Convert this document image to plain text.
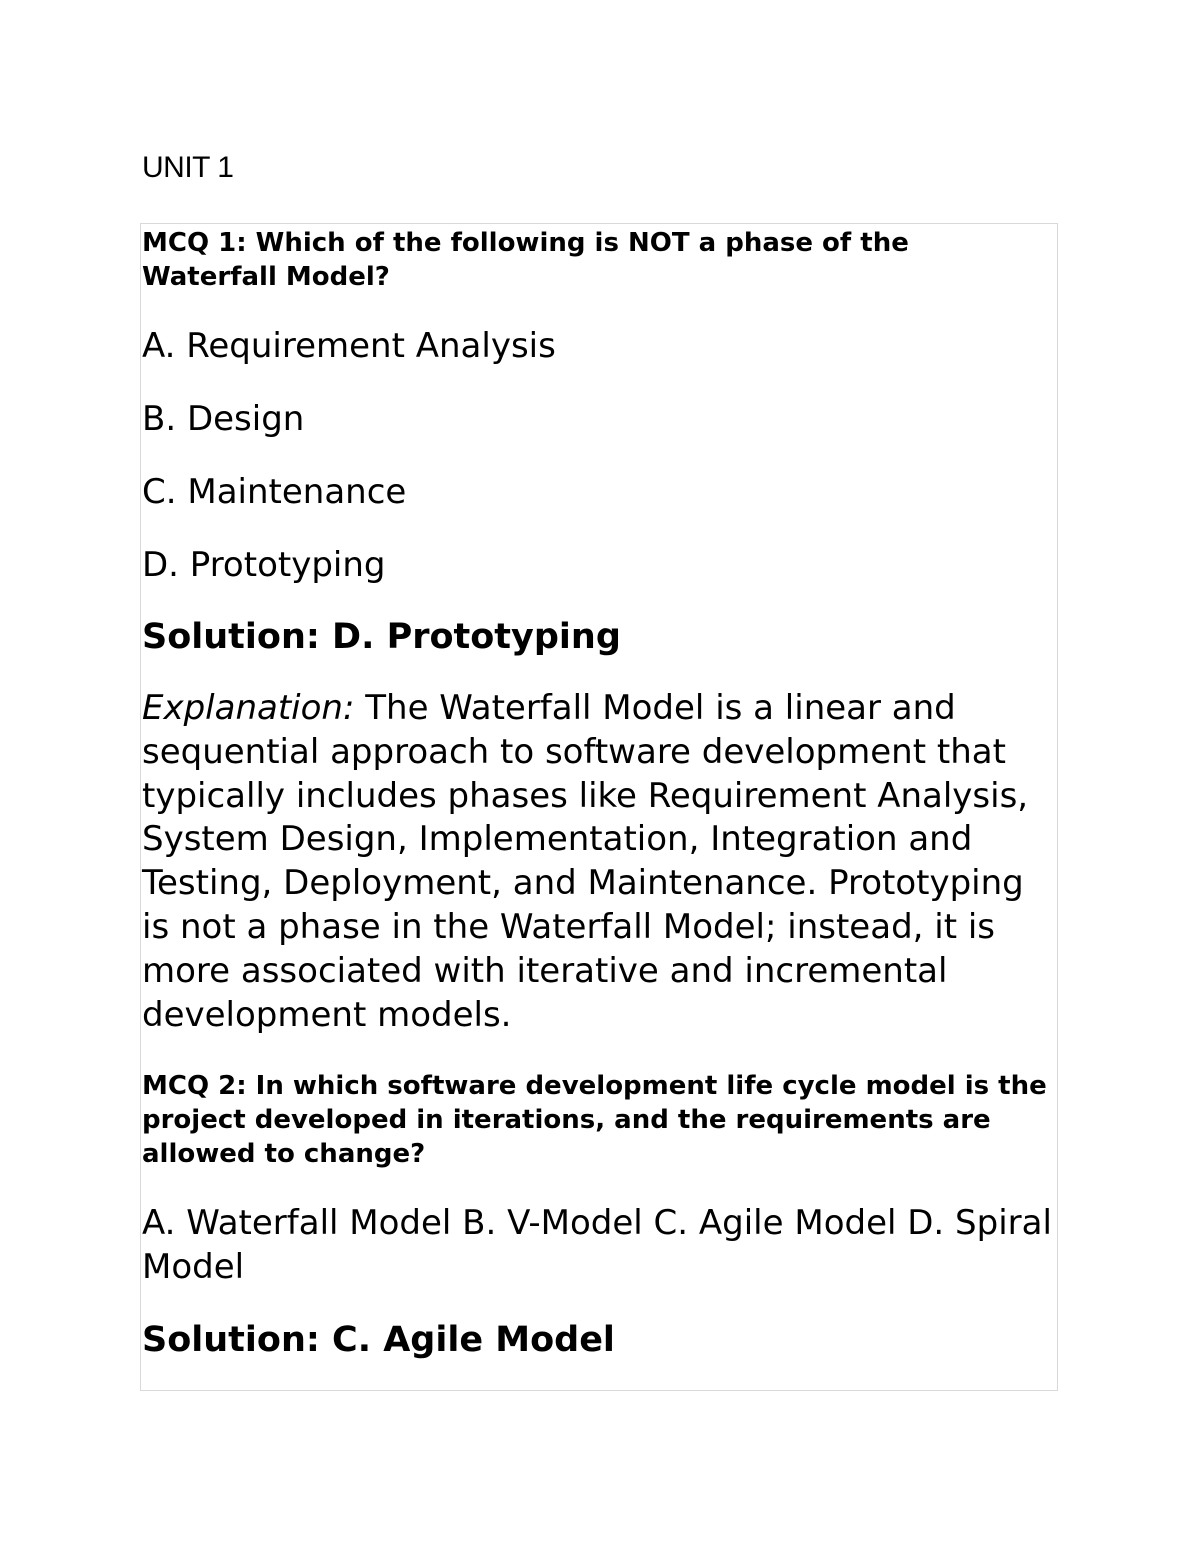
UNIT 1

MCQ 1: Which of the following is NOT a phase of the Waterfall Model?

A. Requirement Analysis

B. Design

C. Maintenance

D. Prototyping

Solution: D. Prototyping

Explanation: The Waterfall Model is a linear and sequential approach to software development that typically includes phases like Requirement Analysis, System Design, Implementation, Integration and Testing, Deployment, and Maintenance. Prototyping is not a phase in the Waterfall Model; instead, it is more associated with iterative and incremental development models.

MCQ 2: In which software development life cycle model is the project developed in iterations, and the requirements are allowed to change?

A. Waterfall Model B. V-Model C. Agile Model D. Spiral Model

Solution: C. Agile Model
